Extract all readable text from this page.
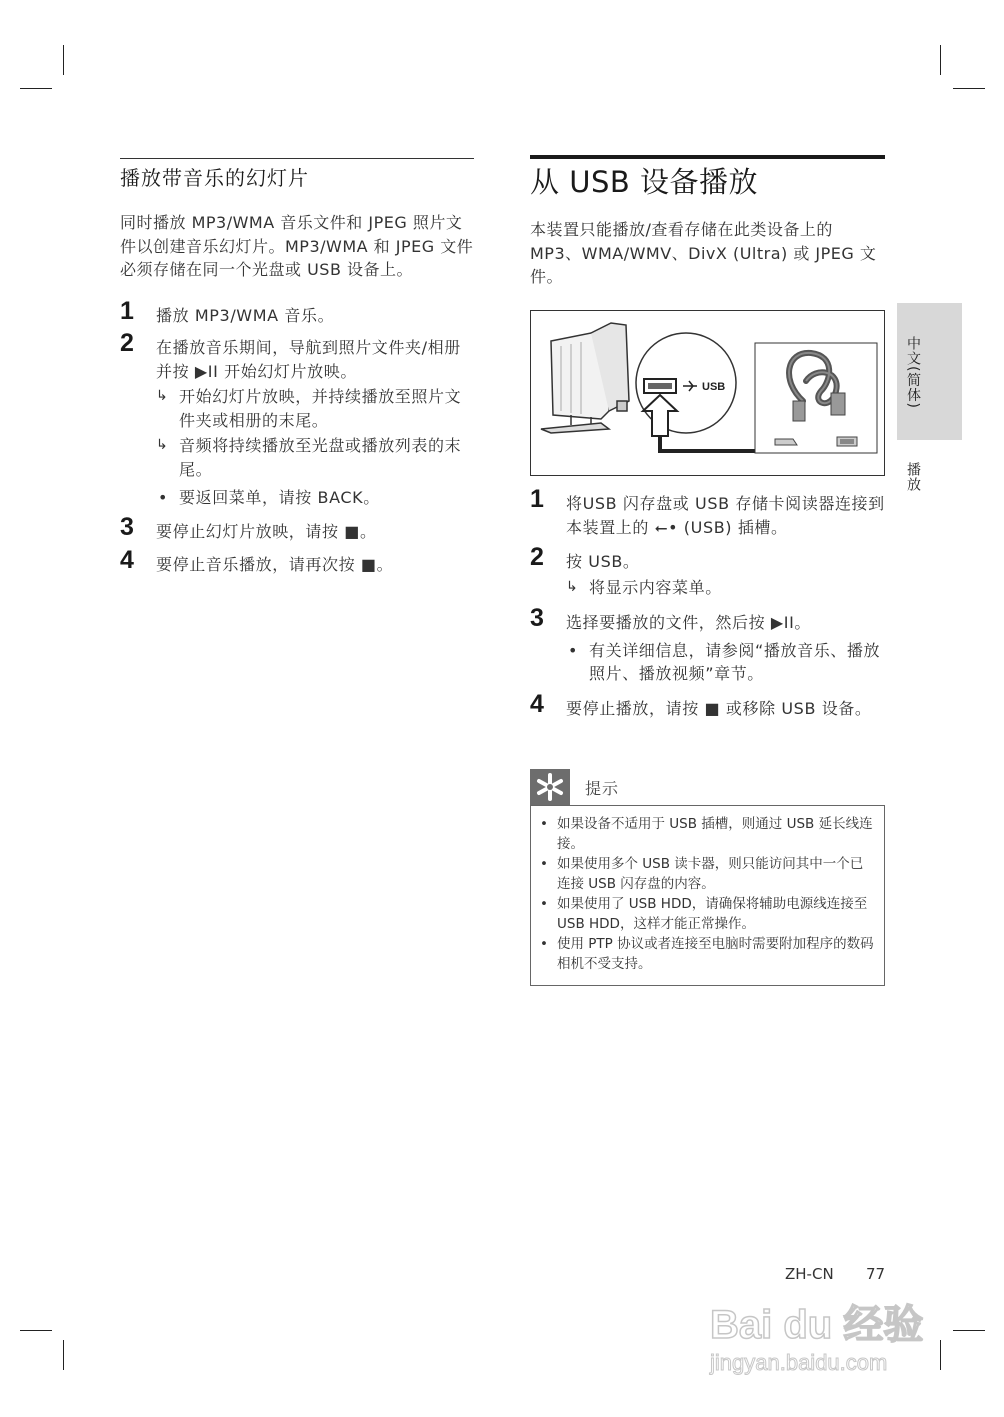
播放带音乐的幻灯片
同时播放 MP3/WMA 音乐文件和 JPEG 照片文件以创建音乐幻灯片。MP3/WMA 和 JPEG 文件必须存储在同一个光盘或 USB 设备上。
1 播放 MP3/WMA 音乐。
2 在播放音乐期间，导航到照片文件夹/相册并按 ▶II 开始幻灯片放映。
↳ 开始幻灯片放映，并持续播放至照片文件夹或相册的末尾。
↳ 音频将持续播放至光盘或播放列表的末尾。
• 要返回菜单，请按 BACK。
3 要停止幻灯片放映，请按 ■。
4 要停止音乐播放，请再次按 ■。
从 USB 设备播放
本装置只能播放/查看存储在此类设备上的 MP3、WMA/WMV、DivX (Ultra) 或 JPEG 文件。
USB
1 将USB 闪存盘或 USB 存储卡阅读器连接到本装置上的 ⭠• (USB) 插槽。
2 按 USB。
↳ 将显示内容菜单。
3 选择要播放的文件，然后按 ▶II。
• 有关详细信息，请参阅“播放音乐、播放照片、播放视频”章节。
4 要停止播放，请按 ■ 或移除 USB 设备。
提示
• 如果设备不适用于 USB 插槽，则通过 USB 延长线连接。
• 如果使用多个 USB 读卡器，则只能访问其中一个已连接 USB 闪存盘的内容。
• 如果使用了 USB HDD，请确保将辅助电源线连接至 USB HDD，这样才能正常操作。
• 使用 PTP 协议或者连接至电脑时需要附加程序的数码相机不受支持。
中文(简体)
播放
ZH-CN 77
Bai du 经验
jingyan.baidu.com
